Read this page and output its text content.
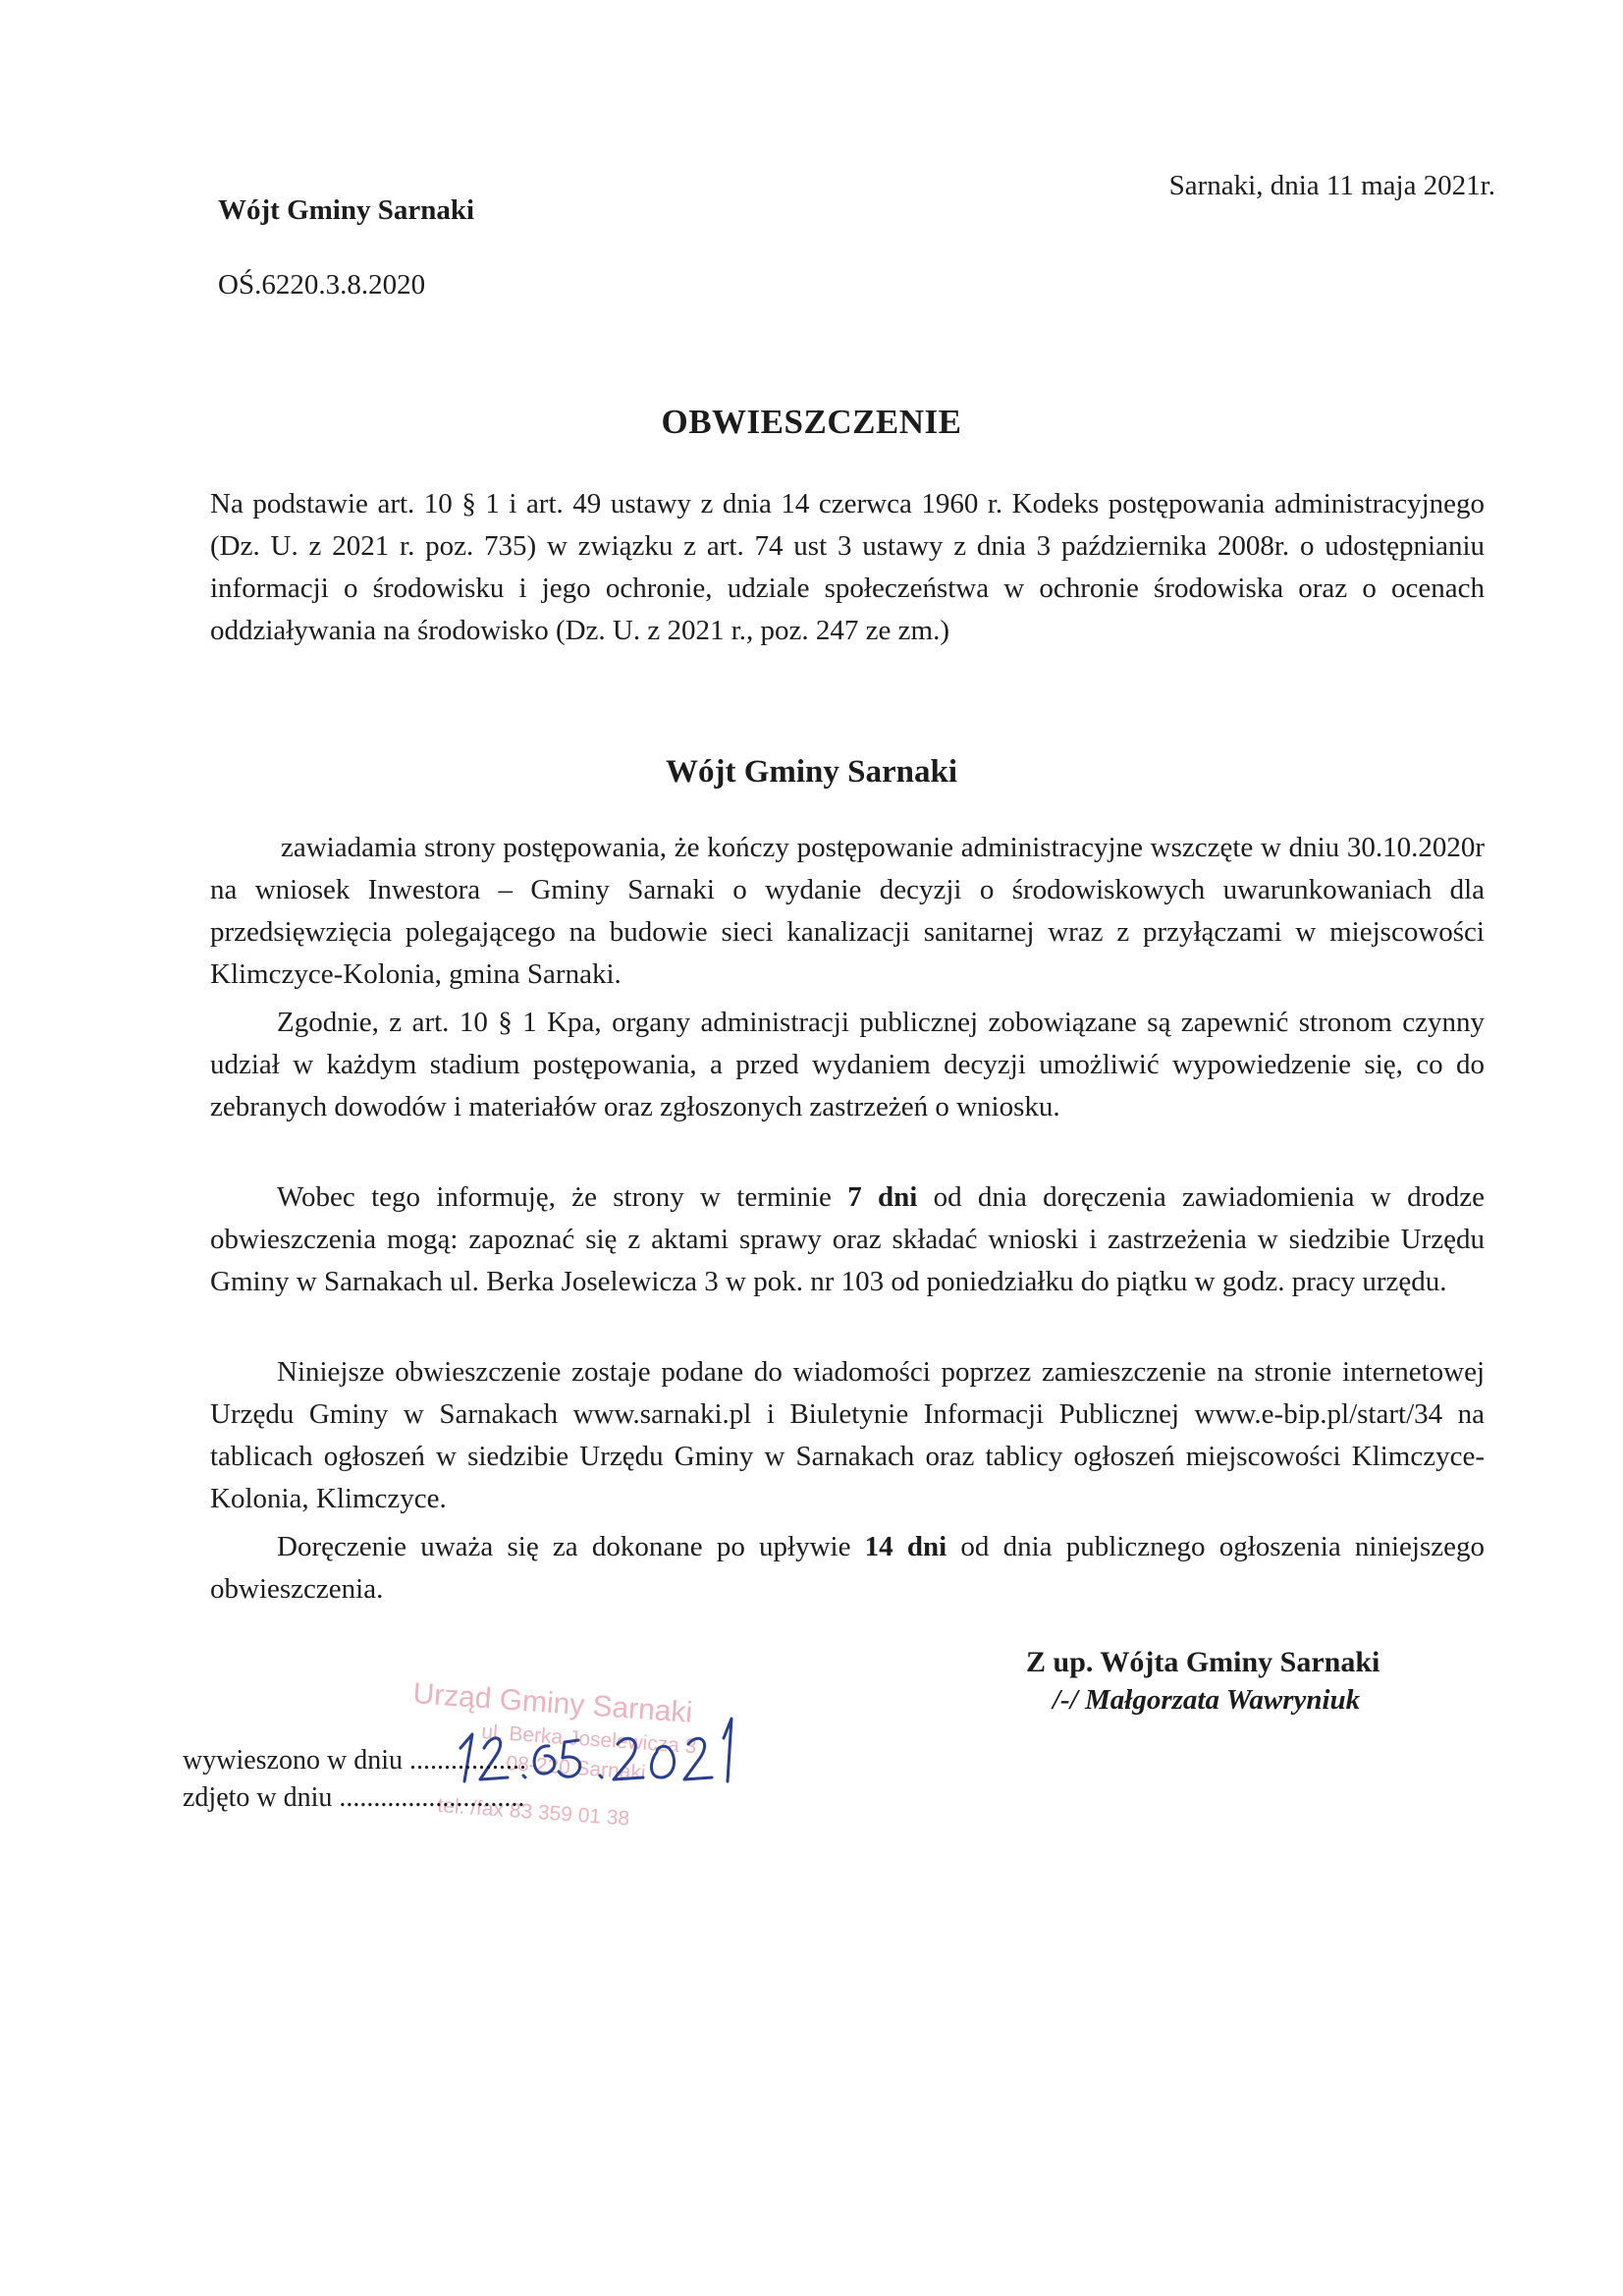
Wójt Gminy Sarnaki
Sarnaki, dnia 11 maja 2021r.
OŚ.6220.3.8.2020
OBWIESZCZENIE
Na podstawie art. 10 § 1 i art. 49 ustawy z dnia 14 czerwca 1960 r. Kodeks postępowania administracyjnego (Dz. U. z 2021 r. poz. 735) w związku z art. 74 ust 3 ustawy z dnia 3 października 2008r. o udostępnianiu informacji o środowisku i jego ochronie, udziale społeczeństwa w ochronie środowiska oraz o ocenach oddziaływania na środowisko (Dz. U. z 2021 r., poz. 247 ze zm.)
Wójt Gminy Sarnaki
zawiadamia strony postępowania, że kończy postępowanie administracyjne wszczęte w dniu 30.10.2020r na wniosek Inwestora – Gminy Sarnaki o wydanie decyzji o środowiskowych uwarunkowaniach dla przedsięwzięcia polegającego na budowie sieci kanalizacji sanitarnej wraz z przyłączami w miejscowości Klimczyce-Kolonia, gmina Sarnaki.
Zgodnie, z art. 10 § 1 Kpa, organy administracji publicznej zobowiązane są zapewnić stronom czynny udział w każdym stadium postępowania, a przed wydaniem decyzji umożliwić wypowiedzenie się, co do zebranych dowodów i materiałów oraz zgłoszonych zastrzeżeń o wniosku.
Wobec tego informuję, że strony w terminie 7 dni od dnia doręczenia zawiadomienia w drodze obwieszczenia mogą: zapoznać się z aktami sprawy oraz składać wnioski i zastrzeżenia w siedzibie Urzędu Gminy w Sarnakach ul. Berka Joselewicza 3 w pok. nr 103 od poniedziałku do piątku w godz. pracy urzędu.
Niniejsze obwieszczenie zostaje podane do wiadomości poprzez zamieszczenie na stronie internetowej Urzędu Gminy w Sarnakach www.sarnaki.pl i Biuletynie Informacji Publicznej www.e-bip.pl/start/34 na tablicach ogłoszeń w siedzibie Urzędu Gminy w Sarnakach oraz tablicy ogłoszeń miejscowości Klimczyce-Kolonia, Klimczyce.
Doręczenie uważa się za dokonane po upływie 14 dni od dnia publicznego ogłoszenia niniejszego obwieszczenia.
Z up. Wójta Gminy Sarnaki
/-/ Małgorzata Wawryniuk
Urząd Gminy Sarnaki
ul. Berka Joselewicza 3
08-220 Sarnaki
tel. /fax 83 359 01 38
wywieszono w dniu .................
zdjęto w dniu ...........................
